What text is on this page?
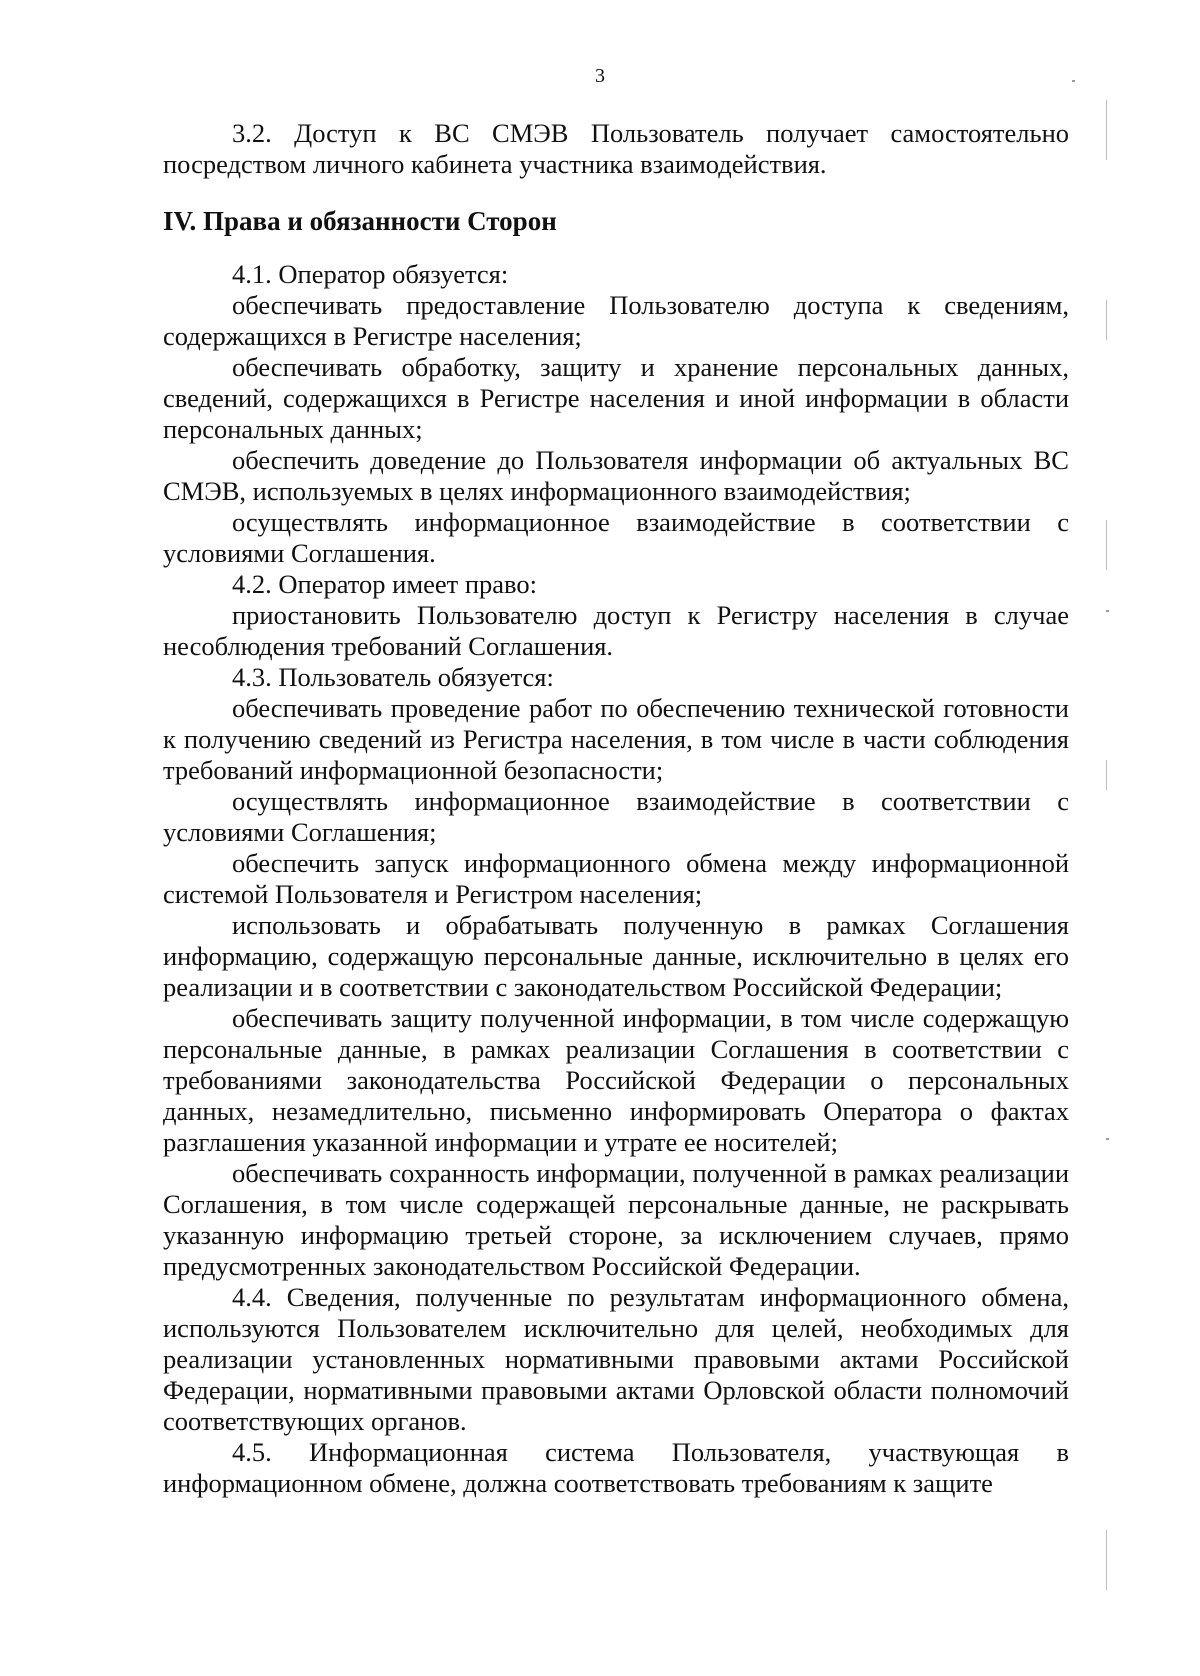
3

3.2. Доступ к ВС СМЭВ Пользователь получает самостоятельно посредством личного кабинета участника взаимодействия.

IV. Права и обязанности Сторон

4.1. Оператор обязуется:

обеспечивать предоставление Пользователю доступа к сведениям, содержащихся в Регистре населения;

обеспечивать обработку, защиту и хранение персональных данных, сведений, содержащихся в Регистре населения и иной информации в области персональных данных;

обеспечить доведение до Пользователя информации об актуальных ВС СМЭВ, используемых в целях информационного взаимодействия;

осуществлять информационное взаимодействие в соответствии с условиями Соглашения.

4.2. Оператор имеет право:

приостановить Пользователю доступ к Регистру населения в случае несоблюдения требований Соглашения.

4.3. Пользователь обязуется:

обеспечивать проведение работ по обеспечению технической готовности к получению сведений из Регистра населения, в том числе в части соблюдения требований информационной безопасности;

осуществлять информационное взаимодействие в соответствии с условиями Соглашения;

обеспечить запуск информационного обмена между информационной системой Пользователя и Регистром населения;

использовать и обрабатывать полученную в рамках Соглашения информацию, содержащую персональные данные, исключительно в целях его реализации и в соответствии с законодательством Российской Федерации;

обеспечивать защиту полученной информации, в том числе содержащую персональные данные, в рамках реализации Соглашения в соответствии с требованиями законодательства Российской Федерации о персональных данных, незамедлительно, письменно информировать Оператора о фактах разглашения указанной информации и утрате ее носителей;

обеспечивать сохранность информации, полученной в рамках реализации Соглашения, в том числе содержащей персональные данные, не раскрывать указанную информацию третьей стороне, за исключением случаев, прямо предусмотренных законодательством Российской Федерации.

4.4. Сведения, полученные по результатам информационного обмена, используются Пользователем исключительно для целей, необходимых для реализации установленных нормативными правовыми актами Российской Федерации, нормативными правовыми актами Орловской области полномочий соответствующих органов.

4.5. Информационная система Пользователя, участвующая в информационном обмене, должна соответствовать требованиям к защите
